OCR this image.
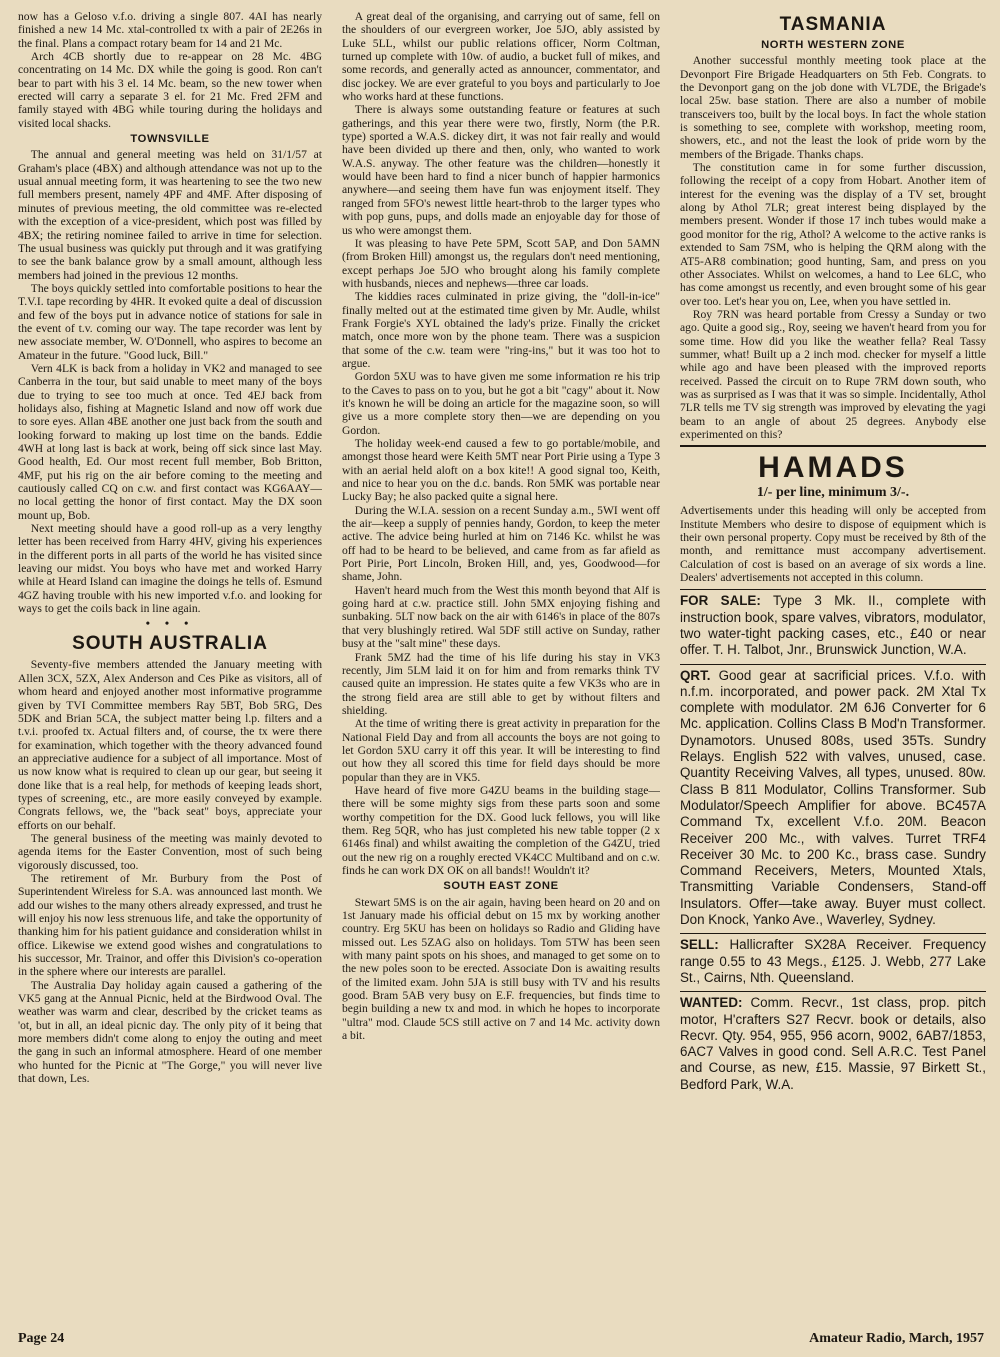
now has a Geloso v.f.o. driving a single 807. 4AI has nearly finished a new 14 Mc. xtal-controlled tx with a pair of 2E26s in the final. Plans a compact rotary beam for 14 and 21 Mc.

Arch 4CB shortly due to re-appear on 28 Mc. 4BG concentrating on 14 Mc. DX while the going is good. Ron can't bear to part with his 3 el. 14 Mc. beam, so the new tower when erected will carry a separate 3 el. for 21 Mc. Fred 2FM and family stayed with 4BG while touring during the holidays and visited local shacks.

TOWNSVILLE

The annual and general meeting was held on 31/1/57 at Graham's place (4BX) and although attendance was not up to the usual annual meeting form, it was heartening to see the two new full members present, namely 4PF and 4MF. After disposing of minutes of previous meeting, the old committee was re-elected with the exception of a vice-president, which post was filled by 4BX; the retiring nominee failed to arrive in time for selection. The usual business was quickly put through and it was gratifying to see the bank balance grow by a small amount, although less members had joined in the previous 12 months.

The boys quickly settled into comfortable positions to hear the T.V.I. tape recording by 4HR. It evoked quite a deal of discussion and few of the boys put in advance notice of stations for sale in the event of t.v. coming our way. The tape recorder was lent by new associate member, W. O'Donnell, who aspires to become an Amateur in the future. "Good luck, Bill."

Vern 4LK is back from a holiday in VK2 and managed to see Canberra in the tour, but said unable to meet many of the boys due to trying to see too much at once. Ted 4EJ back from holidays also, fishing at Magnetic Island and now off work due to sore eyes. Allan 4BE another one just back from the south and looking forward to making up lost time on the bands. Eddie 4WH at long last is back at work, being off sick since last May. Good health, Ed. Our most recent full member, Bob Britton, 4MF, put his rig on the air before coming to the meeting and cautiously called CQ on c.w. and first contact was KG6AAY—no local getting the honor of first contact. May the DX soon mount up, Bob.

Next meeting should have a good roll-up as a very lengthy letter has been received from Harry 4HV, giving his experiences in the different ports in all parts of the world he has visited since leaving our midst. You boys who have met and worked Harry while at Heard Island can imagine the doings he tells of. Esmund 4GZ having trouble with his new imported v.f.o. and looking for ways to get the coils back in line again.

• • •
SOUTH AUSTRALIA

Seventy-five members attended the January meeting with Allen 3CX, 5ZX, Alex Anderson and Ces Pike as visitors, all of whom heard and enjoyed another most informative programme given by TVI Committee members Ray 5BT, Bob 5RG, Des 5DK and Brian 5CA, the subject matter being l.p. filters and a t.v.i. proofed tx. Actual filters and, of course, the tx were there for examination, which together with the theory advanced found an appreciative audience for a subject of all importance. Most of us now know what is required to clean up our gear, but seeing it done like that is a real help, for methods of keeping leads short, types of screening, etc., are more easily conveyed by example. Congrats fellows, we, the "back seat" boys, appreciate your efforts on our behalf.

The general business of the meeting was mainly devoted to agenda items for the Easter Convention, most of such being vigorously discussed, too.

The retirement of Mr. Burbury from the Post of Superintendent Wireless for S.A. was announced last month. We add our wishes to the many others already expressed, and trust he will enjoy his now less strenuous life, and take the opportunity of thanking him for his patient guidance and consideration whilst in office. Likewise we extend good wishes and congratulations to his successor, Mr. Trainor, and offer this Division's co-operation in the sphere where our interests are parallel.

The Australia Day holiday again caused a gathering of the VK5 gang at the Annual Picnic, held at the Birdwood Oval. The weather was warm and clear, described by the cricket teams as 'ot, but in all, an ideal picnic day. The only pity of it being that more members didn't come along to enjoy the outing and meet the gang in such an informal atmosphere. Heard of one member who hunted for the Picnic at "The Gorge," you will never live that down, Les.

A great deal of the organising, and carrying out of same, fell on the shoulders of our evergreen worker, Joe 5JO, ably assisted by Luke 5LL, whilst our public relations officer, Norm Coltman, turned up complete with 10w. of audio, a bucket full of mikes, and some records, and generally acted as announcer, commentator, and disc jockey. We are ever grateful to you boys and particularly to Joe who works hard at these functions.

There is always some outstanding feature or features at such gatherings, and this year there were two, firstly, Norm (the P.R. type) sported a W.A.S. dickey dirt, it was not fair really and would have been divided up there and then, only, who wanted to work W.A.S. anyway. The other feature was the children—honestly it would have been hard to find a nicer bunch of happier harmonics anywhere—and seeing them have fun was enjoyment itself. They ranged from 5FO's newest little heart-throb to the larger types who with pop guns, pups, and dolls made an enjoyable day for those of us who were amongst them.

It was pleasing to have Pete 5PM, Scott 5AP, and Don 5AMN (from Broken Hill) amongst us, the regulars don't need mentioning, except perhaps Joe 5JO who brought along his family complete with husbands, nieces and nephews—three car loads.

The kiddies races culminated in prize giving, the "doll-in-ice" finally melted out at the estimated time given by Mr. Audle, whilst Frank Forgie's XYL obtained the lady's prize. Finally the cricket match, once more won by the phone team. There was a suspicion that some of the c.w. team were "ring-ins," but it was too hot to argue.

Gordon 5XU was to have given me some information re his trip to the Caves to pass on to you, but he got a bit "cagy" about it. Now it's known he will be doing an article for the magazine soon, so will give us a more complete story then—we are depending on you Gordon.

The holiday week-end caused a few to go portable/mobile, and amongst those heard were Keith 5MT near Port Pirie using a Type 3 with an aerial held aloft on a box kite!! A good signal too, Keith, and nice to hear you on the d.c. bands. Ron 5MK was portable near Lucky Bay; he also packed quite a signal here.

During the W.I.A. session on a recent Sunday a.m., 5WI went off the air—keep a supply of pennies handy, Gordon, to keep the meter active. The advice being hurled at him on 7146 Kc. whilst he was off had to be heard to be believed, and came from as far afield as Port Pirie, Port Lincoln, Broken Hill, and, yes, Goodwood—for shame, John.

Haven't heard much from the West this month beyond that Alf is going hard at c.w. practice still. John 5MX enjoying fishing and sunbaking. 5LT now back on the air with 6146's in place of the 807s that very blushingly retired. Wal 5DF still active on Sunday, rather busy at the "salt mine" these days.

Frank 5MZ had the time of his life during his stay in VK3 recently, Jim 5LM laid it on for him and from remarks think TV caused quite an impression. He states quite a few VK3s who are in the strong field area are still able to get by without filters and shielding.

At the time of writing there is great activity in preparation for the National Field Day and from all accounts the boys are not going to let Gordon 5XU carry it off this year. It will be interesting to find out how they all scored this time for field days should be more popular than they are in VK5.

Have heard of five more G4ZU beams in the building stage—there will be some mighty sigs from these parts soon and some worthy competition for the DX. Good luck fellows, you will like them. Reg 5QR, who has just completed his new table topper (2 x 6146s final) and whilst awaiting the completion of the G4ZU, tried out the new rig on a roughly erected VK4CC Multiband and on c.w. finds he can work DX OK on all bands!! Wouldn't it?

SOUTH EAST ZONE

Stewart 5MS is on the air again, having been heard on 20 and on 1st January made his official debut on 15 mx by working another country. Erg 5KU has been on holidays so Radio and Gliding have missed out. Les 5ZAG also on holidays. Tom 5TW has been seen with many paint spots on his shoes, and managed to get some on to the new poles soon to be erected. Associate Don is awaiting results of the limited exam. John 5JA is still busy with TV and his results good. Bram 5AB very busy on E.F. frequencies, but finds time to begin building a new tx and mod. in which he hopes to incorporate "ultra" mod. Claude 5CS still active on 7 and 14 Mc. activity down a bit.

TASMANIA
NORTH WESTERN ZONE

Another successful monthly meeting took place at the Devonport Fire Brigade Headquarters on 5th Feb. Congrats. to the Devonport gang on the job done with VL7DE, the Brigade's local 25w. base station. There are also a number of mobile transceivers too, built by the local boys. In fact the whole station is something to see, complete with workshop, meeting room, showers, etc., and not the least the look of pride worn by the members of the Brigade. Thanks chaps.

The constitution came in for some further discussion, following the receipt of a copy from Hobart. Another item of interest for the evening was the display of a TV set, brought along by Athol 7LR; great interest being displayed by the members present. Wonder if those 17 inch tubes would make a good monitor for the rig, Athol? A welcome to the active ranks is extended to Sam 7SM, who is helping the QRM along with the AT5-AR8 combination; good hunting, Sam, and press on you other Associates. Whilst on welcomes, a hand to Lee 6LC, who has come amongst us recently, and even brought some of his gear over too. Let's hear you on, Lee, when you have settled in.

Roy 7RN was heard portable from Cressy a Sunday or two ago. Quite a good sig., Roy, seeing we haven't heard from you for some time. How did you like the weather fella? Real Tassy summer, what! Built up a 2 inch mod. checker for myself a little while ago and have been pleased with the improved reports received. Passed the circuit on to Rupe 7RM down south, who was as surprised as I was that it was so simple. Incidentally, Athol 7LR tells me TV sig strength was improved by elevating the yagi beam to an angle of about 25 degrees. Anybody else experimented on this?

HAMADS
1/- per line, minimum 3/-.

Advertisements under this heading will only be accepted from Institute Members who desire to dispose of equipment which is their own personal property. Copy must be received by 8th of the month, and remittance must accompany advertisement. Calculation of cost is based on an average of six words a line. Dealers' advertisements not accepted in this column.

FOR SALE: Type 3 Mk. II., complete with instruction book, spare valves, vibrators, modulator, two water-tight packing cases, etc., £40 or near offer. T. H. Talbot, Jnr., Brunswick Junction, W.A.
QRT. Good gear at sacrificial prices. V.f.o. with n.f.m. incorporated, and power pack. 2M Xtal Tx complete with modulator. 2M 6J6 Converter for 6 Mc. application. Collins Class B Mod'n Transformer. Dynamotors. Unused 808s, used 35Ts. Sundry Relays. English 522 with valves, unused, case. Quantity Receiving Valves, all types, unused. 80w. Class B 811 Modulator, Collins Transformer. Sub Modulator/Speech Amplifier for above. BC457A Command Tx, excellent V.f.o. 20M. Beacon Receiver 200 Mc., with valves. Turret TRF4 Receiver 30 Mc. to 200 Kc., brass case. Sundry Command Receivers, Meters, Mounted Xtals, Transmitting Variable Condensers, Stand-off Insulators. Offer—take away. Buyer must collect. Don Knock, Yanko Ave., Waverley, Sydney.
SELL: Hallicrafter SX28A Receiver. Frequency range 0.55 to 43 Megs., £125. J. Webb, 277 Lake St., Cairns, Nth. Queensland.
WANTED: Comm. Recvr., 1st class, prop. pitch motor, H'crafters S27 Recvr. book or details, also Recvr. Qty. 954, 955, 956 acorn, 9002, 6AB7/1853, 6AC7 Valves in good cond. Sell A.R.C. Test Panel and Course, as new, £15. Massie, 97 Birkett St., Bedford Park, W.A.
Page 24	Amateur Radio, March, 1957
